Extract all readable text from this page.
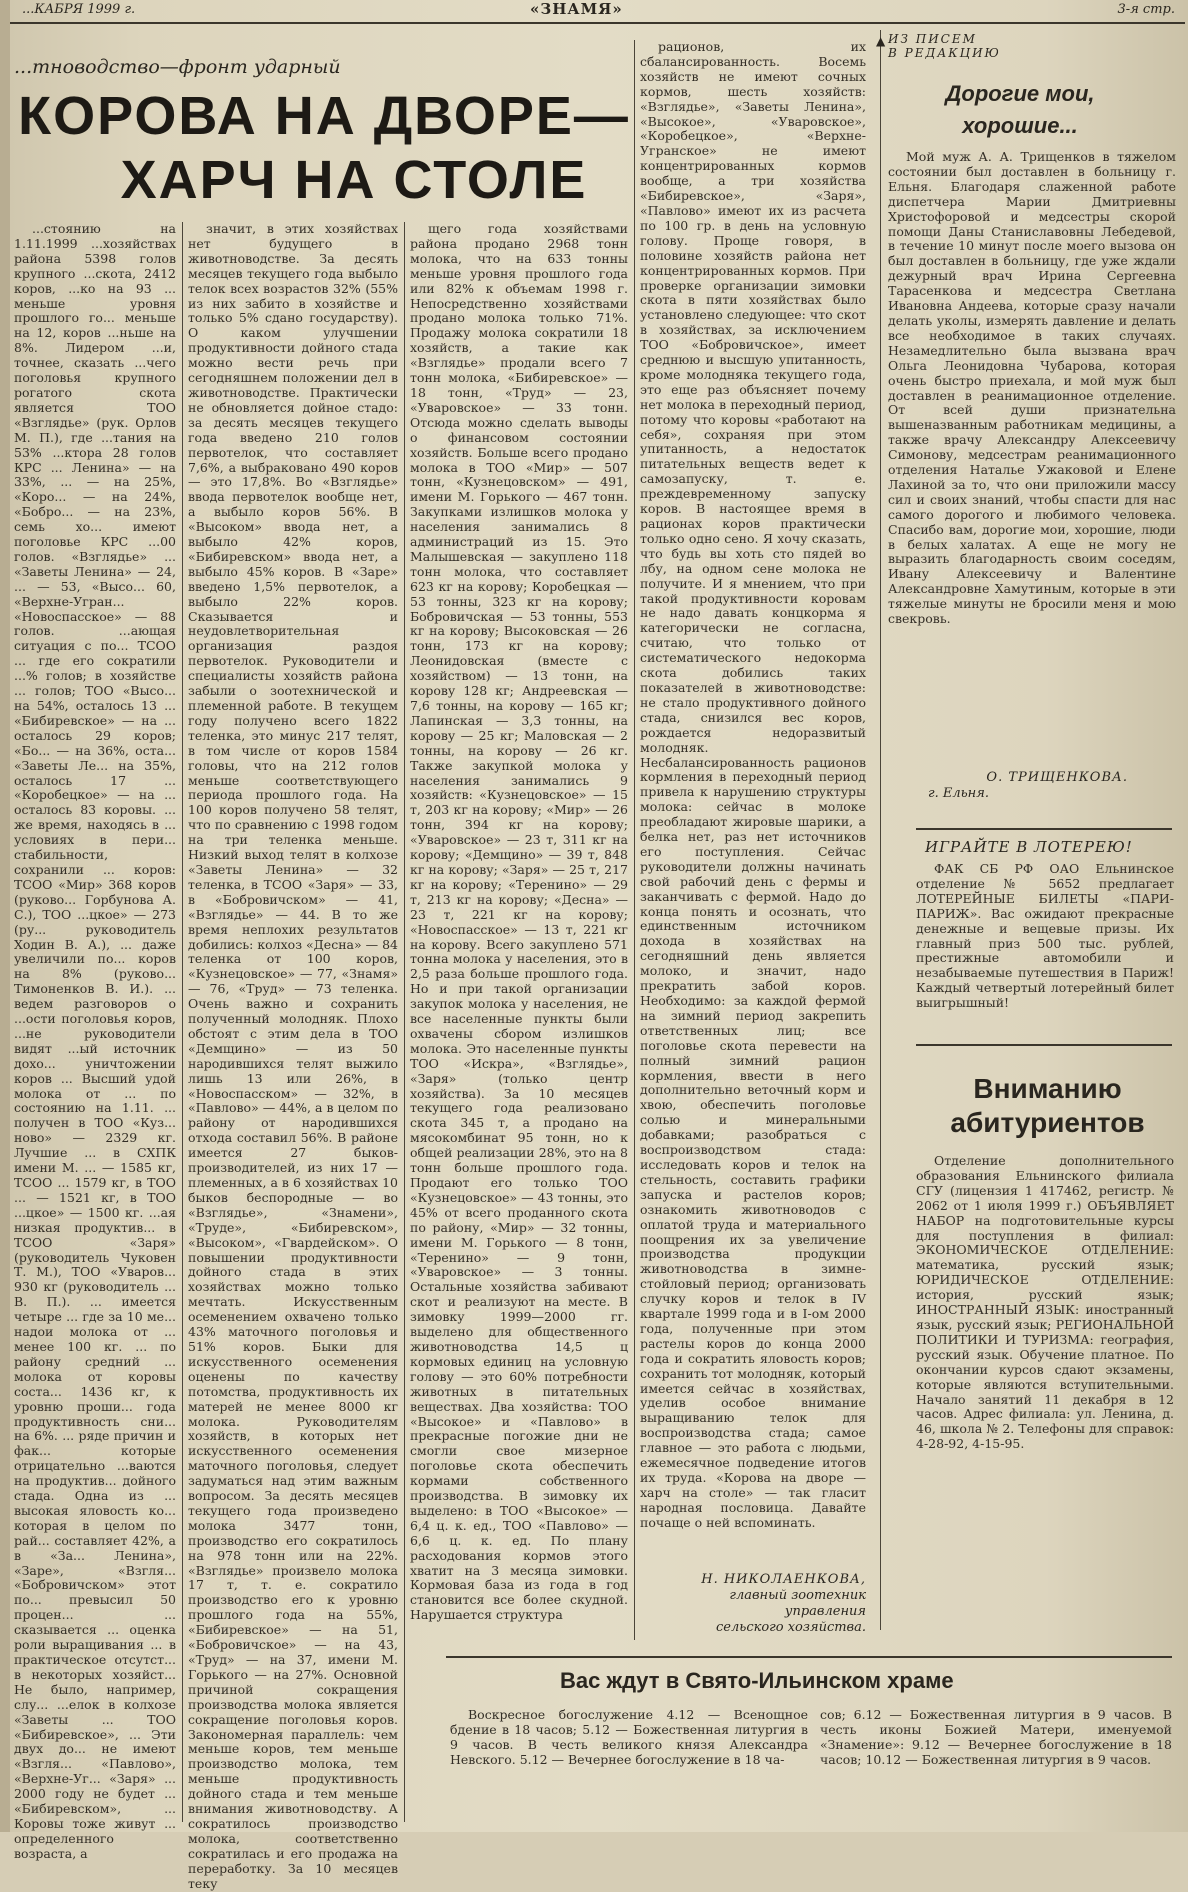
...КАБРЯ 1999 г.	«ЗНАМЯ»	3-я стр.
...тноводство—фронт ударный
КОРОВА НА ДВОРЕ—
ХАРЧ НА СТОЛЕ

...стоянию на 1.11.1999 ...хозяйствах района 5398 голов крупного ...скота, 2412 коров, ...ко на 93 ... меньше уровня прошлого го... меньше на 12, коров ...ньше на 8%. Лидером ...и, точнее, сказать ...чего поголовья крупного рогатого скота является ТОО «Взглядье» (рук. Орлов М. П.), где ...тания на 53% ...ктора 28 голов КРС ... Ленина» — на 33%, ... — на 25%, «Коро... — на 24%, «Бобро... — на 23%, семь хо... имеют поголовье КРС ...00 голов. «Взглядье» ... «Заветы Ленина» — 24, ... — 53, «Высо... 60, «Верхне-Угран... «Новоспасское» — 88 голов. ...ающая ситуация с по... ТСОО ... где его сократили ...% голов; в хозяйстве ... голов; ТОО «Высо... на 54%, осталось 13 ... «Бибиревское» — на ... осталось 29 коров; «Бо... — на 36%, оста... «Заветы Ле... на 35%, осталось 17 ... «Коробецкое» — на ... осталось 83 коровы. ... же время, находясь в ... условиях в пери... стабильности, сохранили ... коров: ТСОО «Мир» 368 коров (руково... Горбунова А. С.), ТОО ...цкое» — 273 (ру... руководитель Ходин В. А.), ... даже увеличили по... коров на 8% (руково... Тимоненков В. И.). ... ведем разговоров о ...ости поголовья коров, ...не руководители видят ...ый источник дохо... уничтожении коров ... Высший удой молока от ... по состоянию на 1.11. ... получен в ТОО «Куз... ново» — 2329 кг. Лучшие ... в СХПК имени М. ... — 1585 кг, ТСОО ... 1579 кг, в ТОО ... — 1521 кг, в ТОО ...цкое» — 1500 кг. ...ая низкая продуктив... в ТСОО «Заря» (руководитель Чуковен Т. М.), ТОО «Уваров... 930 кг (руководитель ... В. П.). ... имеется четыре ... где за 10 ме... надои молока от ... менее 100 кг. ... по району средний ... молока от коровы соста... 1436 кг, к уровню проши... года продуктивность сни... на 6%. ... ряде причин и фак... которые отрицательно ...ваются на продуктив... дойного стада. Одна из ... высокая яловость ко... которая в целом по рай... составляет 42%, а в «За... Ленина», «Заре», «Взгля... «Бобровичском» этот по... превысил 50 процен... ... сказывается ... оценка роли выращивания ... в практическое отсутст... в некоторых хозяйст... Не было, например, слу... ...елок в колхозе «Заветы ... ТОО «Бибиревское», ... Эти двух до... не имеют «Взгля... «Павлово», «Верхне-Уг... «Заря» ... 2000 году не будет ... «Бибиревском», ... Коровы тоже живут ... определенного возраста, а

значит, в этих хозяйствах нет будущего в животноводстве. За десять месяцев текущего года выбыло телок всех возрастов 32% (55% из них забито в хозяйстве и только 5% сдано государству). О каком улучшении продуктивности дойного стада можно вести речь при сегодняшнем положении дел в животноводстве. Практически не обновляется дойное стадо: за десять месяцев текущего года введено 210 голов первотелок, что составляет 7,6%, а выбраковано 490 коров — это 17,8%. Во «Взглядье» ввода первотелок вообще нет, а выбыло коров 56%. В «Высоком» ввода нет, а выбыло 42% коров, «Бибиревском» ввода нет, а выбыло 45% коров. В «Заре» введено 1,5% первотелок, а выбыло 22% коров. Сказывается и неудовлетворительная организация раздоя первотелок. Руководители и специалисты хозяйств района забыли о зоотехнической и племенной работе. В текущем году получено всего 1822 теленка, это минус 217 телят, в том числе от коров 1584 головы, что на 212 голов меньше соответствующего периода прошлого года. На 100 коров получено 58 телят, что по сравнению с 1998 годом на три теленка меньше. Низкий выход телят в колхозе «Заветы Ленина» — 32 теленка, в ТСОО «Заря» — 33, в «Бобровичском» — 41, «Взглядье» — 44. В то же время неплохих результатов добились: колхоз «Десна» — 84 теленка от 100 коров, «Кузнецовское» — 77, «Знамя» — 76, «Труд» — 73 теленка. Очень важно и сохранить полученный молодняк. Плохо обстоят с этим дела в ТОО «Демщино» — из 50 народившихся телят выжило лишь 13 или 26%, в «Новоспасском» — 32%, в «Павлово» — 44%, а в целом по району от народившихся отхода составил 56%. В районе имеется 27 быков-производителей, из них 17 — племенных, а в 6 хозяйствах 10 быков беспородные — во «Взглядье», «Знамени», «Труде», «Бибиревском», «Высоком», «Гвардейском». О повышении продуктивности дойного стада в этих хозяйствах можно только мечтать. Искусственным осеменением охвачено только 43% маточного поголовья и 51% коров. Быки для искусственного осеменения оценены по качеству потомства, продуктивность их матерей не менее 8000 кг молока. Руководителям хозяйств, в которых нет искусственного осеменения маточного поголовья, следует задуматься над этим важным вопросом. За десять месяцев текущего года произведено молока 3477 тонн, производство его сократилось на 978 тонн или на 22%. «Взглядье» произвело молока 17 т, т. е. сократило производство его к уровню прошлого года на 55%, «Бибиревское» — на 51, «Бобровичское» — на 43, «Труд» — на 37, имени М. Горького — на 27%. Основной причиной сокращения производства молока является сокращение поголовья коров. Закономерная параллель: чем меньше коров, тем меньше производство молока, тем меньше продуктивность дойного стада и тем меньше внимания животноводству. А сократилось производство молока, соответственно сократилась и его продажа на переработку. За 10 месяцев теку

щего года хозяйствами района продано 2968 тонн молока, что на 633 тонны меньше уровня прошлого года или 82% к объемам 1998 г. Непосредственно хозяйствами продано молока только 71%. Продажу молока сократили 18 хозяйств, а такие как «Взглядье» продали всего 7 тонн молока, «Бибиревское» — 18 тонн, «Труд» — 23, «Уваровское» — 33 тонн. Отсюда можно сделать выводы о финансовом состоянии хозяйств. Больше всего продано молока в ТОО «Мир» — 507 тонн, «Кузнецовском» — 491, имени М. Горького — 467 тонн. Закупками излишков молока у населения занимались 8 администраций из 15. Это Малышевская — закуплено 118 тонн молока, что составляет 623 кг на корову; Коробецкая — 53 тонны, 323 кг на корову; Бобровичская — 53 тонны, 553 кг на корову; Высоковская — 26 тонн, 173 кг на корову; Леонидовская (вместе с хозяйством) — 13 тонн, на корову 128 кг; Андреевская — 7,6 тонны, на корову — 165 кг; Лапинская — 3,3 тонны, на корову — 25 кг; Маловская — 2 тонны, на корову — 26 кг. Также закупкой молока у населения занимались 9 хозяйств: «Кузнецовское» — 15 т, 203 кг на корову; «Мир» — 26 тонн, 394 кг на корову; «Уваровское» — 23 т, 311 кг на корову; «Демщино» — 39 т, 848 кг на корову; «Заря» — 25 т, 217 кг на корову; «Теренино» — 29 т, 213 кг на корову; «Десна» — 23 т, 221 кг на корову; «Новоспасское» — 13 т, 221 кг на корову. Всего закуплено 571 тонна молока у населения, это в 2,5 раза больше прошлого года. Но и при такой организации закупок молока у населения, не все населенные пункты были охвачены сбором излишков молока. Это населенные пункты ТОО «Искра», «Взглядье», «Заря» (только центр хозяйства). За 10 месяцев текущего года реализовано скота 345 т, а продано на мясокомбинат 95 тонн, но к общей реализации 28%, это на 8 тонн больше прошлого года. Продают его только ТОО «Кузнецовское» — 43 тонны, это 45% от всего проданного скота по району, «Мир» — 32 тонны, имени М. Горького — 8 тонн, «Теренино» — 9 тонн, «Уваровское» — 3 тонны. Остальные хозяйства забивают скот и реализуют на месте. В зимовку 1999—2000 гг. выделено для общественного животноводства 14,5 ц кормовых единиц на условную голову — это 60% потребности животных в питательных веществах. Два хозяйства: ТОО «Высокое» и «Павлово» в прекрасные погожие дни не смогли свое мизерное поголовье скота обеспечить кормами собственного производства. В зимовку их выделено: в ТОО «Высокое» — 6,4 ц. к. ед., ТОО «Павлово» — 6,6 ц. к. ед. По плану расходования кормов этого хватит на 3 месяца зимовки. Кормовая база из года в год становится все более скудной. Нарушается структура

рационов, их сбалансированность. Восемь хозяйств не имеют сочных кормов, шесть хозяйств: «Взглядье», «Заветы Ленина», «Высокое», «Уваровское», «Коробецкое», «Верхне-Угранское» не имеют концентрированных кормов вообще, а три хозяйства «Бибиревское», «Заря», «Павлово» имеют их из расчета по 100 гр. в день на условную голову. Проще говоря, в половине хозяйств района нет концентрированных кормов. При проверке организации зимовки скота в пяти хозяйствах было установлено следующее: что скот в хозяйствах, за исключением ТОО «Бобровичское», имеет среднюю и высшую упитанность, кроме молодняка текущего года, это еще раз объясняет почему нет молока в переходный период, потому что коровы «работают на себя», сохраняя при этом упитанность, а недостаток питательных веществ ведет к самозапуску, т. е. преждевременному запуску коров. В настоящее время в рационах коров практически только одно сено. Я хочу сказать, что будь вы хоть сто пядей во лбу, на одном сене молока не получите. И я мнением, что при такой продуктивности коровам не надо давать концкорма я категорически не согласна, считаю, что только от систематического недокорма скота добились таких показателей в животноводстве: не стало продуктивного дойного стада, снизился вес коров, рождается недоразвитый молодняк. Несбалансированность рационов кормления в переходный период привела к нарушению структуры молока: сейчас в молоке преобладают жировые шарики, а белка нет, раз нет источников его поступления. Сейчас руководители должны начинать свой рабочий день с фермы и заканчивать с фермой. Надо до конца понять и осознать, что единственным источником дохода в хозяйствах на сегодняшний день является молоко, и значит, надо прекратить забой коров. Необходимо: за каждой фермой на зимний период закрепить ответственных лиц; все поголовье скота перевести на полный зимний рацион кормления, ввести в него дополнительно веточный корм и хвою, обеспечить поголовье солью и минеральными добавками; разобраться с воспроизводством стада: исследовать коров и телок на стельность, составить графики запуска и растелов коров; ознакомить животноводов с оплатой труда и материального поощрения их за увеличение производства продукции животноводства в зимне-стойловый период; организовать случку коров и телок в IV квартале 1999 года и в I-ом 2000 года, полученные при этом растелы коров до конца 2000 года и сократить яловость коров; сохранить тот молодняк, который имеется сейчас в хозяйствах, уделив особое внимание выращиванию телок для воспроизводства стада; самое главное — это работа с людьми, ежемесячное подведение итогов их труда. «Корова на дворе — харч на столе» — так гласит народная пословица. Давайте почаще о ней вспоминать.

Н. НИКОЛАЕНКОВА,
главный зоотехник
управления
сельского хозяйства.
▲ ИЗ ПИСЕМ
В РЕДАКЦИЮ
Дорогие мои,
хорошие...

Мой муж А. А. Трищенков в тяжелом состоянии был доставлен в больницу г. Ельня. Благодаря слаженной работе диспетчера Марии Дмитриевны Христофоровой и медсестры скорой помощи Даны Станиславовны Лебедевой, в течение 10 минут после моего вызова он был доставлен в больницу, где уже ждали дежурный врач Ирина Сергеевна Тарасенкова и медсестра Светлана Ивановна Андеева, которые сразу начали делать уколы, измерять давление и делать все необходимое в таких случаях. Незамедлительно была вызвана врач Ольга Леонидовна Чубарова, которая очень быстро приехала, и мой муж был доставлен в реанимационное отделение. От всей души признательна вышеназванным работникам медицины, а также врачу Александру Алексеевичу Симонову, медсестрам реанимационного отделения Наталье Ужаковой и Елене Лахиной за то, что они приложили массу сил и своих знаний, чтобы спасти для нас самого дорогого и любимого человека. Спасибо вам, дорогие мои, хорошие, люди в белых халатах. А еще не могу не выразить благодарность своим соседям, Ивану Алексеевичу и Валентине Александровне Хамутиным, которые в эти тяжелые минуты не бросили меня и мою свекровь.

О. ТРИЩЕНКОВА.
г. Ельня.
ИГРАЙТЕ В ЛОТЕРЕЮ!

ФАК СБ РФ ОАО Ельнинское отделение № 5652 предлагает ЛОТЕРЕЙНЫЕ БИЛЕТЫ «ПАРИ-ПАРИЖ». Вас ожидают прекрасные денежные и вещевые призы. Их главный приз 500 тыс. рублей, престижные автомобили и незабываемые путешествия в Париж! Каждый четвертый лотерейный билет выигрышный!

Вниманию
абитуриентов

Отделение дополнительного образования Ельнинского филиала СГУ (лицензия 1 417462, регистр. № 2062 от 1 июля 1999 г.) ОБЪЯВЛЯЕТ НАБОР на подготовительные курсы для поступления в филиал: ЭКОНОМИЧЕСКОЕ ОТДЕЛЕНИЕ: математика, русский язык; ЮРИДИЧЕСКОЕ ОТДЕЛЕНИЕ: история, русский язык; ИНОСТРАННЫЙ ЯЗЫК: иностранный язык, русский язык; РЕГИОНАЛЬНОЙ ПОЛИТИКИ И ТУРИЗМА: география, русский язык. Обучение платное. По окончании курсов сдают экзамены, которые являются вступительными. Начало занятий 11 декабря в 12 часов. Адрес филиала: ул. Ленина, д. 46, школа № 2. Телефоны для справок: 4-28-92, 4-15-95.

Вас ждут в Свято-Ильинском храме

Воскресное богослужение 4.12 — Всенощное бдение в 18 часов; 5.12 — Божественная литургия в 9 часов. В честь великого князя Александра Невского. 5.12 — Вечернее богослужение в 18 ча-

сов; 6.12 — Божественная литургия в 9 часов. В честь иконы Божией Матери, именуемой «Знамение»: 9.12 — Вечернее богослужение в 18 часов; 10.12 — Божественная литургия в 9 часов.
